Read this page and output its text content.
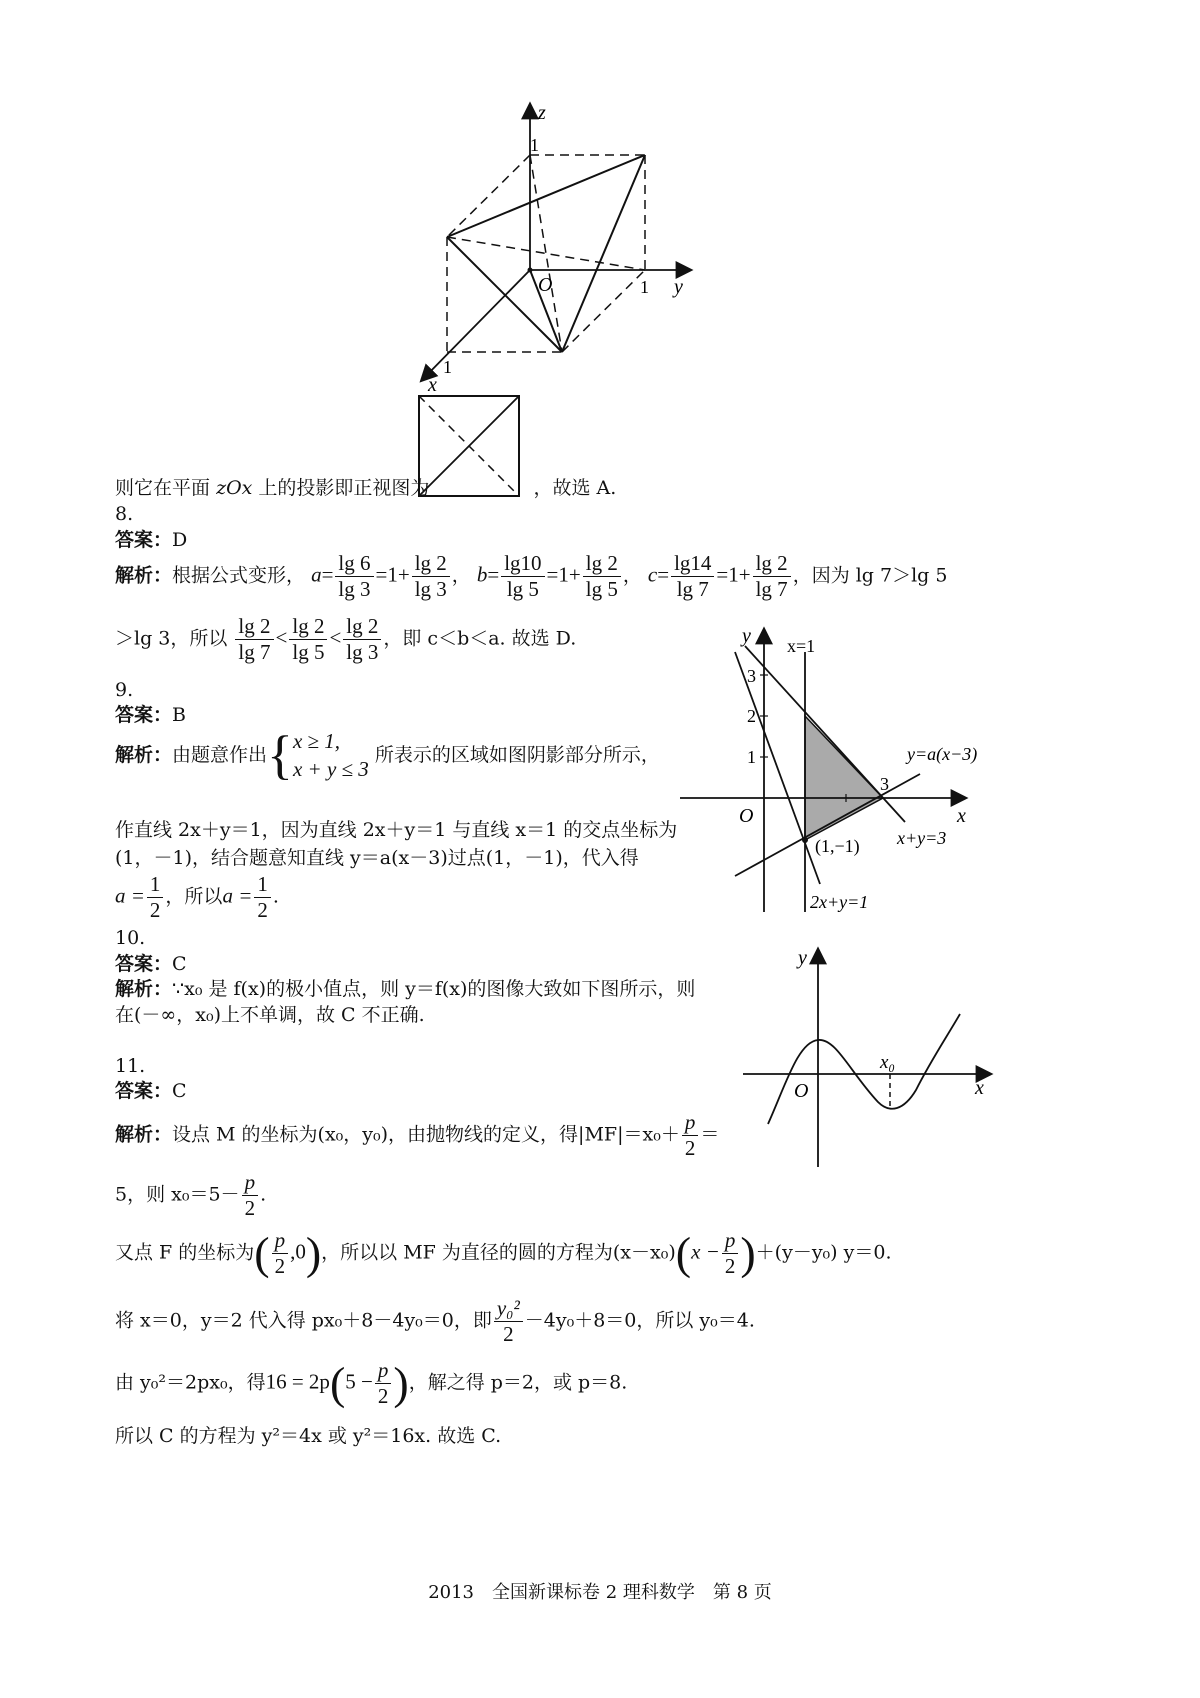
z
1
O	1 y
1
x
则它在平面 zOx 上的投影即正视图为	，故选 A.
8.
答案：D
解析：根据公式变形， $a= \frac{\lg 6}{\lg 3} =1+ \frac{\lg 2}{\lg 3}$ ， $b= \frac{\lg 10}{\lg 5} =1+ \frac{\lg 2}{\lg 5}$ ， $c= \frac{\lg 14}{\lg 7} =1+ \frac{\lg 2}{\lg 7}$ ，因为 lg 7＞lg 5
＞lg 3，所以 $\frac{\lg 2}{\lg 7} < \frac{\lg 2}{\lg 5} < \frac{\lg 2}{\lg 3}$ ，即 c＜b＜a. 故选 D.
9.
答案：B
解析：由题意作出{ x ≥ 1,
x + y ≤ 3
所表示的区域如图阴影部分所示，
作直线 2x＋y＝1，因为直线 2x＋y＝1 与直线 x＝1 的交点坐标为
(1，－1)，结合题意知直线 y＝a(x－3)过点(1，－1)，代入得
$a = \frac{1}{2}$ ，所以$a = \frac{1}{2}$ .
y x=1
3
2
1	y=a(x−3)
3
x
O
x+y=3
(1,−1)
2x+y=1
10.
答案：C
解析：∵x₀ 是 f(x)的极小值点，则 y＝f(x)的图像大致如下图所示，则
在(－∞，x₀)上不单调，故 C 不正确.
y
x₀
O	x
11.
答案：C
解析：设点 M 的坐标为(x₀，y₀)，由抛物线的定义，得$|MF|=x_0+ \frac{p}{2}$ ＝
5，则 $x_0=5- \frac{p}{2}$ .
又点 F 的坐标为( $\frac{p}{2} ,0$)，所以以 MF 为直径的圆的方程为$(x-x_0)(x - \frac{p}{2} )+(y-y_0)$ y＝0.
将 x＝0，y＝2 代入得 px₀＋8－4y₀＝0，即 $\frac{\text{y₀²}}{2} -4y_0+8=0$，所以 y₀＝4.
由 y₀²＝2px₀，得$16 = 2p(5 - \frac{p}{2}$ )，解之得 p＝2，或 p＝8.
所以 C 的方程为 y²＝4x 或 y²＝16x. 故选 C.
2013　全国新课标卷 2 理科数学　第 8 页
